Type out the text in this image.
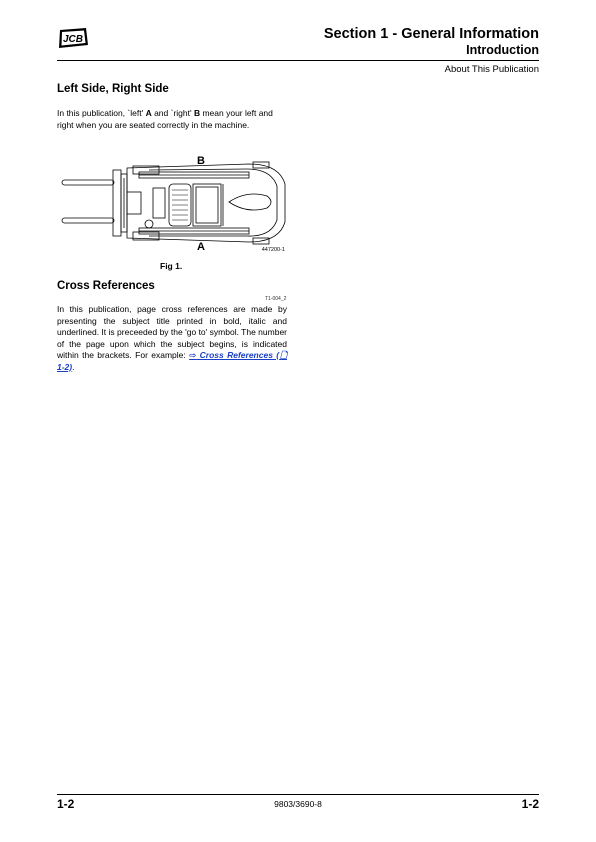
JCB	Section 1 - General Information
Introduction
About This Publication
Left Side, Right Side
In this publication, `left' A and `right' B mean your left and
right when you are seated correctly in the machine.
B
A	447200-1
Fig 1.
Cross References
T1-004_2
In this publication, page cross references are made by presenting the subject title printed in bold, italic and underlined. It is preceeded by the 'go to' symbol. The number of the page upon which the subject begins, is indicated within the brackets. For example: ⇨ Cross References (🗋 1-2).
1-2	9803/3690-8	1-2
